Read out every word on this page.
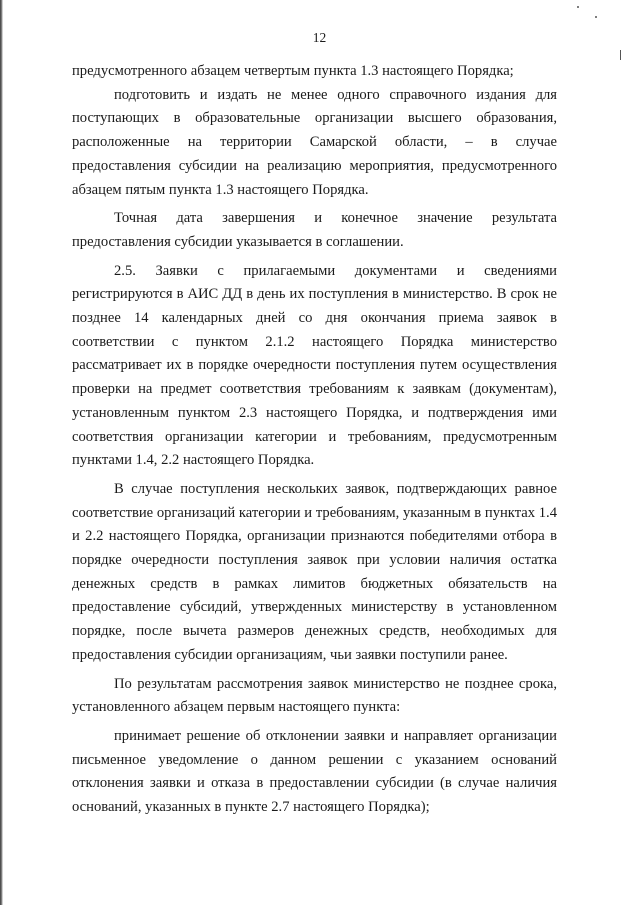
12

предусмотренного абзацем четвертым пункта 1.3 настоящего Порядка;

подготовить и издать не менее одного справочного издания для поступающих в образовательные организации высшего образования, расположенные на территории Самарской области, – в случае предоставления субсидии на реализацию мероприятия, предусмотренного абзацем пятым пункта 1.3 настоящего Порядка.

Точная дата завершения и конечное значение результата предоставления субсидии указывается в соглашении.

2.5. Заявки с прилагаемыми документами и сведениями регистрируются в АИС ДД в день их поступления в министерство. В срок не позднее 14 календарных дней со дня окончания приема заявок в соответствии с пунктом 2.1.2 настоящего Порядка министерство рассматривает их в порядке очередности поступления путем осуществления проверки на предмет соответствия требованиям к заявкам (документам), установленным пунктом 2.3 настоящего Порядка, и подтверждения ими соответствия организации категории и требованиям, предусмотренным пунктами 1.4, 2.2 настоящего Порядка.

В случае поступления нескольких заявок, подтверждающих равное соответствие организаций категории и требованиям, указанным в пунктах 1.4 и 2.2 настоящего Порядка, организации признаются победителями отбора в порядке очередности поступления заявок при условии наличия остатка денежных средств в рамках лимитов бюджетных обязательств на предоставление субсидий, утвержденных министерству в установленном порядке, после вычета размеров денежных средств, необходимых для предоставления субсидии организациям, чьи заявки поступили ранее.

По результатам рассмотрения заявок министерство не позднее срока, установленного абзацем первым настоящего пункта:

принимает решение об отклонении заявки и направляет организации письменное уведомление о данном решении с указанием оснований отклонения заявки и отказа в предоставлении субсидии (в случае наличия оснований, указанных в пункте 2.7 настоящего Порядка);
